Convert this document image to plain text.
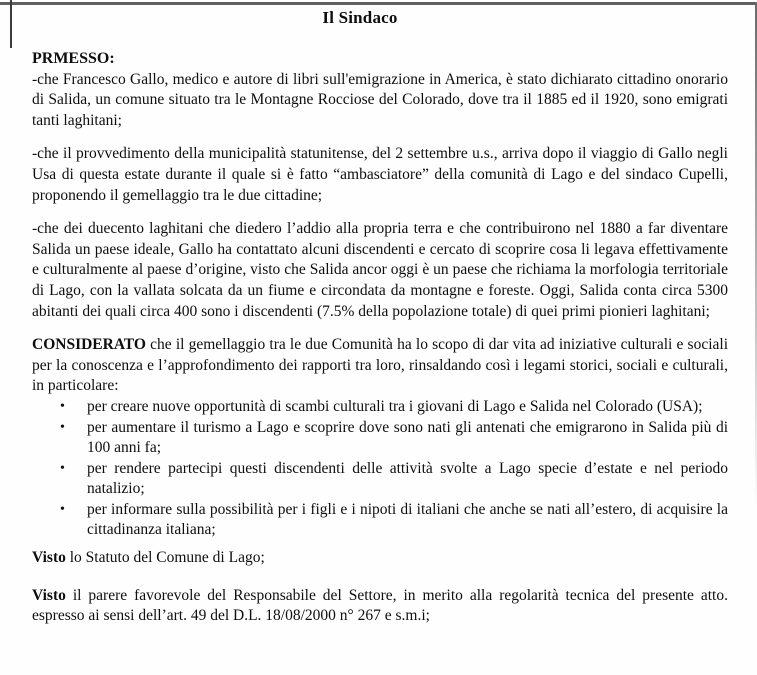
Il Sindaco

PRMESSO:

-che Francesco Gallo, medico e autore di libri sull'emigrazione in America, è stato dichiarato cittadino onorario di Salida, un comune situato tra le Montagne Rocciose del Colorado, dove tra il 1885 ed il 1920, sono emigrati tanti laghitani;

-che il provvedimento della municipalità statunitense, del 2 settembre u.s., arriva dopo il viaggio di Gallo negli Usa di questa estate durante il quale si è fatto “ambasciatore” della comunità di Lago e del sindaco Cupelli, proponendo il gemellaggio tra le due cittadine;

-che dei duecento laghitani che diedero l’addio alla propria terra e che contribuirono nel 1880 a far diventare Salida un paese ideale, Gallo ha contattato alcuni discendenti e cercato di scoprire cosa li legava effettivamente e culturalmente al paese d’origine, visto che Salida ancor oggi è un paese che richiama la morfologia territoriale di Lago, con la vallata solcata da un fiume e circondata da montagne e foreste. Oggi, Salida conta circa 5300 abitanti dei quali circa 400 sono i discendenti (7.5% della popolazione totale) di quei primi pionieri laghitani;

CONSIDERATO che il gemellaggio tra le due Comunità ha lo scopo di dar vita ad iniziative culturali e sociali per la conoscenza e l’approfondimento dei rapporti tra loro, rinsaldando così i legami storici, sociali e culturali, in particolare:

•	per creare nuove opportunità di scambi culturali tra i giovani di Lago e Salida nel Colorado (USA);
•	per aumentare il turismo a Lago e scoprire dove sono nati gli antenati che emigrarono in Salida più di 100 anni fa;
•	per rendere partecipi questi discendenti delle attività svolte a Lago specie d’estate e nel periodo natalizio;
•	per informare sulla possibilità per i figli e i nipoti di italiani che anche se nati all’estero, di acquisire la cittadinanza italiana;

Visto lo Statuto del Comune di Lago;

Visto il parere favorevole del Responsabile del Settore, in merito alla regolarità tecnica del presente atto. espresso ai sensi dell’art. 49 del D.L. 18/08/2000 n° 267 e s.m.i;
